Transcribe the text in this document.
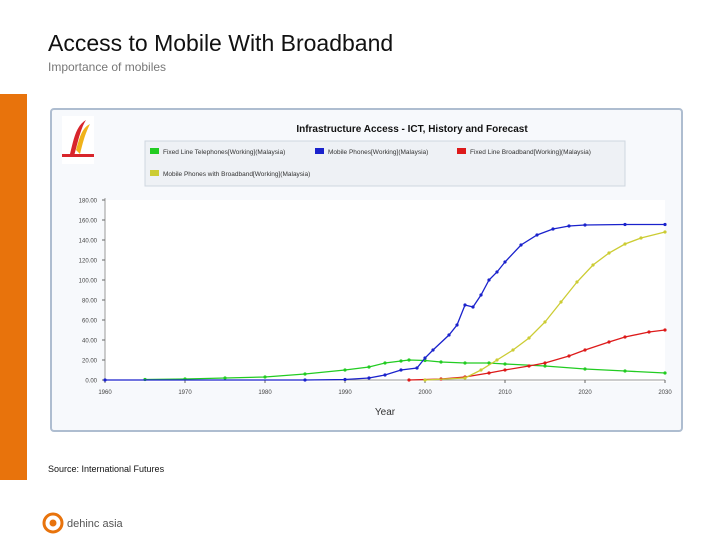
Access to Mobile With Broadband
Importance of mobiles
Infrastructure Access - ICT, History and Forecast
Fixed Line Telephones[Working](Malaysia)	Mobile Phones[Working](Malaysia)	Fixed Line Broadband[Working](Malaysia)
Mobile Phones with Broadband[Working](Malaysia)
0.00
20.00
40.00
60.00
80.00
100.00
120.00
140.00
160.00
180.00
1960	1970	1980	1990	2000	2010	2020	2030
Year
Source: International Futures
dehinc asia
